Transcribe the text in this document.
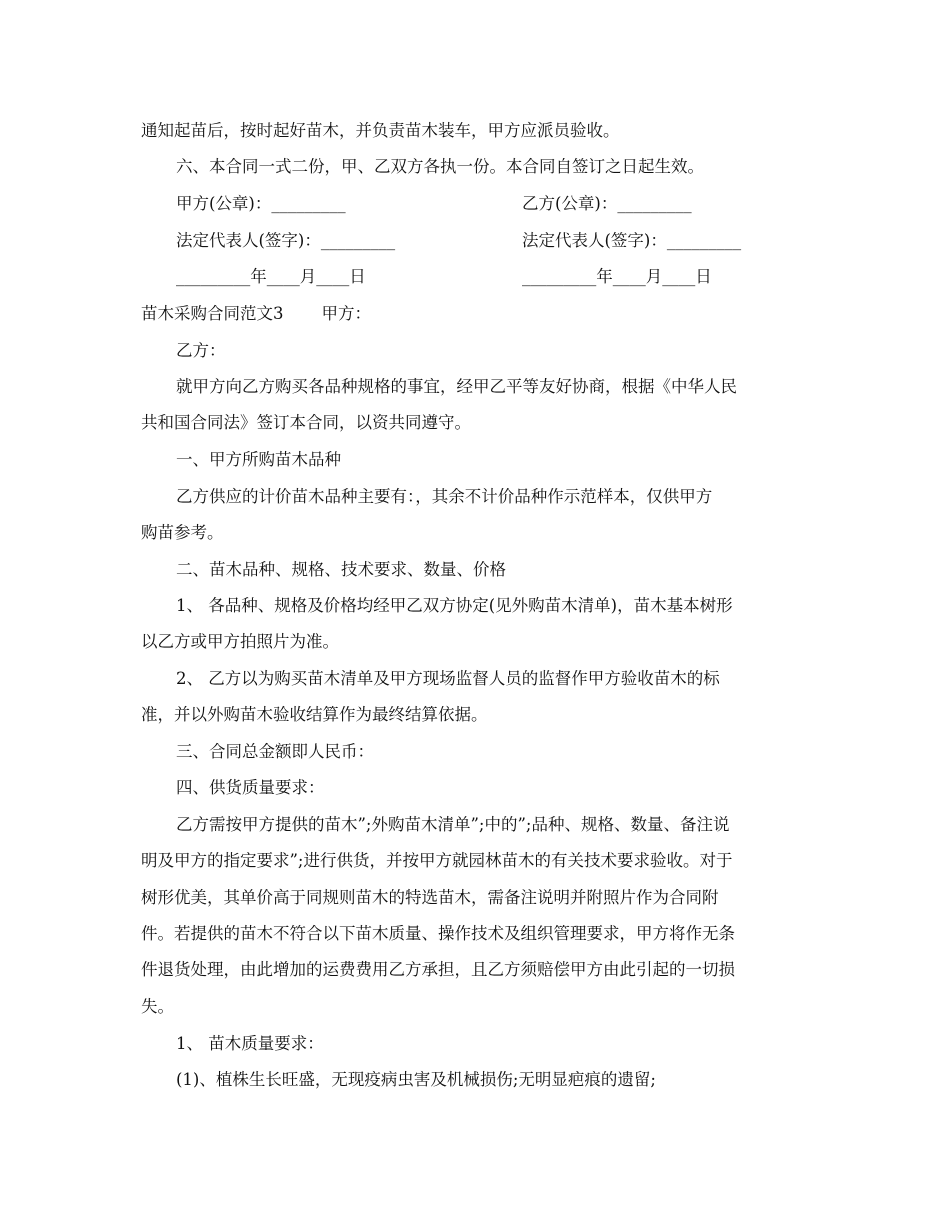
通知起苗后，按时起好苗木，并负责苗木装车，甲方应派员验收。
六、本合同一式二份，甲、乙双方各执一份。本合同自签订之日起生效。
甲方(公章)：_________	乙方(公章)：_________
法定代表人(签字)：_________	法定代表人(签字)：_________
_________年____月____日	_________年____月____日
苗木采购合同范文3 甲方：
乙方：
就甲方向乙方购买各品种规格的事宜，经甲乙平等友好协商，根据《中华人民
共和国合同法》签订本合同，以资共同遵守。
一、甲方所购苗木品种
乙方供应的计价苗木品种主要有：，其余不计价品种作示范样本，仅供甲方
购苗参考。
二、苗木品种、规格、技术要求、数量、价格
1、 各品种、规格及价格均经甲乙双方协定(见外购苗木清单)，苗木基本树形
以乙方或甲方拍照片为准。
2、 乙方以为购买苗木清单及甲方现场监督人员的监督作甲方验收苗木的标
准，并以外购苗木验收结算作为最终结算依据。
三、合同总金额即人民币：
四、供货质量要求：
乙方需按甲方提供的苗木”;外购苗木清单”;中的”;品种、规格、数量、备注说
明及甲方的指定要求”;进行供货，并按甲方就园林苗木的有关技术要求验收。对于
树形优美，其单价高于同规则苗木的特选苗木，需备注说明并附照片作为合同附
件。若提供的苗木不符合以下苗木质量、操作技术及组织管理要求，甲方将作无条
件退货处理，由此增加的运费费用乙方承担，且乙方须赔偿甲方由此引起的一切损
失。
1、 苗木质量要求：
(1)、植株生长旺盛，无现疫病虫害及机械损伤;无明显疤痕的遗留;
